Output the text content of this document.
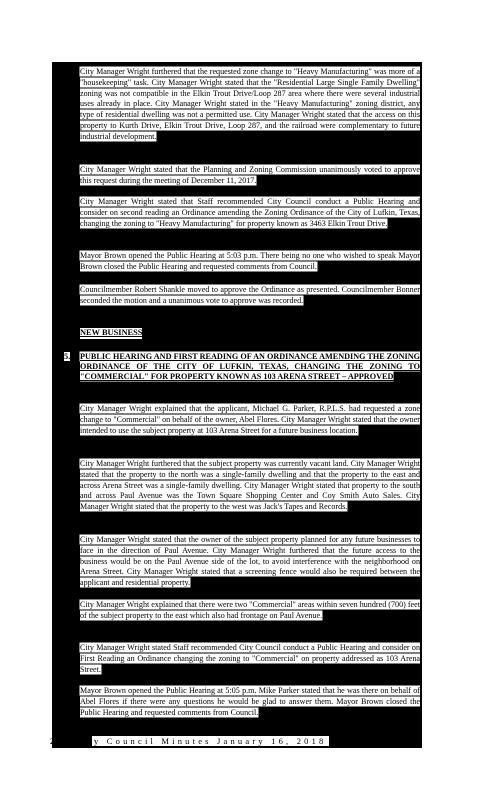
City Manager Wright furthered that the requested zone change to "Heavy Manufacturing" was more of a "housekeeping" task. City Manager Wright stated that the "Residential Large Single Family Dwelling" zoning was not compatible in the Elkin Trout Drive/Loop 287 area where there were several industrial uses already in place. City Manager Wright stated in the "Heavy Manufacturing" zoning district, any type of residential dwelling was not a permitted use. City Manager Wright stated that the access on this property to Kurth Drive, Elkin Trout Drive, Loop 287, and the railroad were complementary to future industrial development.

City Manager Wright stated that the Planning and Zoning Commission unanimously voted to approve this request during the meeting of December 11, 2017.

City Manager Wright stated that Staff recommended City Council conduct a Public Hearing and consider on second reading an Ordinance amending the Zoning Ordinance of the City of Lufkin, Texas, changing the zoning to "Heavy Manufacturing" for property known as 3463 Elkin Trout Drive.

Mayor Brown opened the Public Hearing at 5:03 p.m. There being no one who wished to speak Mayor Brown closed the Public Hearing and requested comments from Council.

Councilmember Robert Shankle moved to approve the Ordinance as presented. Councilmember Bonner seconded the motion and a unanimous vote to approve was recorded.

NEW BUSINESS

5. PUBLIC HEARING AND FIRST READING OF AN ORDINANCE AMENDING THE ZONING ORDINANCE OF THE CITY OF LUFKIN, TEXAS, CHANGING THE ZONING TO "COMMERCIAL" FOR PROPERTY KNOWN AS 103 ARENA STREET – APPROVED

City Manager Wright explained that the applicant, Michael G. Parker, R.P.L.S. had requested a zone change to "Commercial" on behalf of the owner, Abel Flores. City Manager Wright stated that the owner intended to use the subject property at 103 Arena Street for a future business location.

City Manager Wright furthered that the subject property was currently vacant land. City Manager Wright stated that the property to the north was a single-family dwelling and that the property to the east and across Arena Street was a single-family dwelling. City Manager Wright stated that property to the south and across Paul Avenue was the Town Square Shopping Center and Coy Smith Auto Sales. City Manager Wright stated that the property to the west was Jack's Tapes and Records.

City Manager Wright stated that the owner of the subject property planned for any future businesses to face in the direction of Paul Avenue. City Manager Wright furthered that the future access to the business would be on the Paul Avenue side of the lot, to avoid interference with the neighborhood on Arena Street. City Manager Wright stated that a screening fence would also be required between the applicant and residential property.

City Manager Wright explained that there were two "Commercial" areas within seven hundred (700) feet of the subject property to the east which also had frontage on Paul Avenue.

City Manager Wright stated Staff recommended City Council conduct a Public Hearing and consider on First Reading an Ordinance changing the zoning to "Commercial" on property addressed as 103 Arena Street.

Mayor Brown opened the Public Hearing at 5:05 p.m. Mike Parker stated that he was there on behalf of Abel Flores if there were any questions he would be glad to answer them. Mayor Brown closed the Public Hearing and requested comments from Council.

2	y Council Minutes January 16, 2018
